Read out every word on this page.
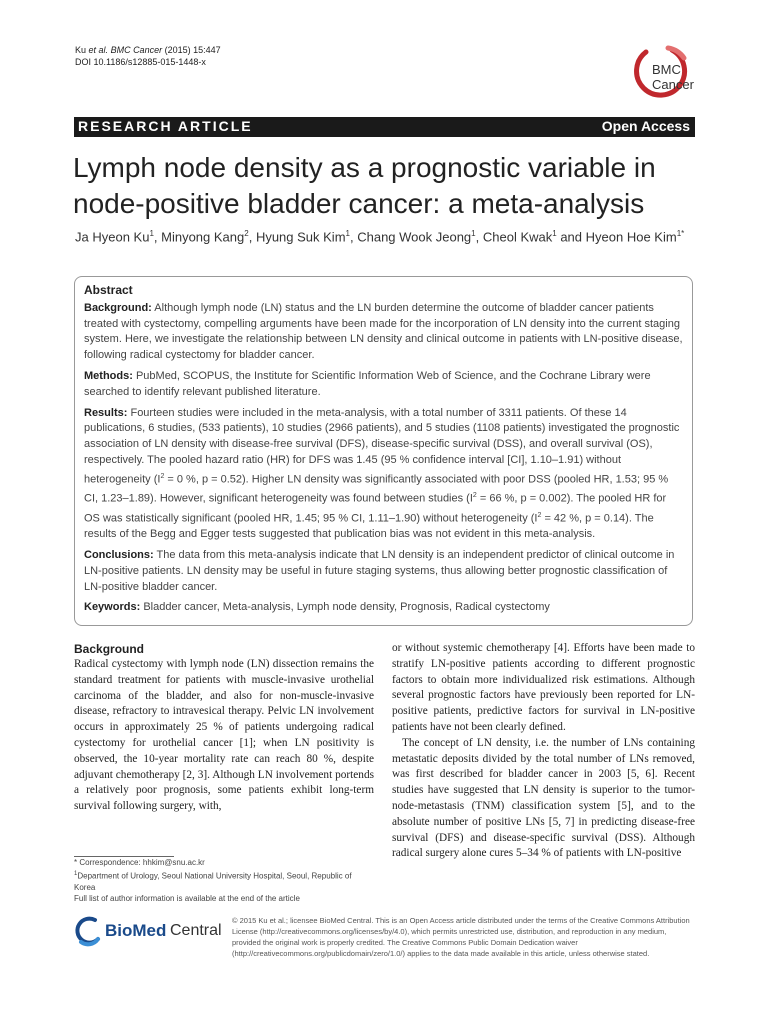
Ku et al. BMC Cancer (2015) 15:447
DOI 10.1186/s12885-015-1448-x	BMC
Cancer
RESEARCH ARTICLE	Open Access
Lymph node density as a prognostic variable in node-positive bladder cancer: a meta-analysis
Ja Hyeon Ku$^1$, Minyong Kang$^2$, Hyung Suk Kim$^1$, Chang Wook Jeong$^1$, Cheol Kwak$^1$ and Hyeon Hoe Kim$^{1*}$
Abstract

Background: Although lymph node (LN) status and the LN burden determine the outcome of bladder cancer patients treated with cystectomy, compelling arguments have been made for the incorporation of LN density into the current staging system. Here, we investigate the relationship between LN density and clinical outcome in patients with LN-positive disease, following radical cystectomy for bladder cancer.

Methods: PubMed, SCOPUS, the Institute for Scientific Information Web of Science, and the Cochrane Library were searched to identify relevant published literature.

Results: Fourteen studies were included in the meta-analysis, with a total number of 3311 patients. Of these 14 publications, 6 studies, (533 patients), 10 studies (2966 patients), and 5 studies (1108 patients) investigated the prognostic association of LN density with disease-free survival (DFS), disease-specific survival (DSS), and overall survival (OS), respectively. The pooled hazard ratio (HR) for DFS was 1.45 (95 % confidence interval [CI], 1.10–1.91) without heterogeneity ($I^2 = 0$ %, p = 0.52). Higher LN density was significantly associated with poor DSS (pooled HR, 1.53; 95 % CI, 1.23–1.89). However, significant heterogeneity was found between studies ($I^2 = 66$ %, p = 0.002). The pooled HR for OS was statistically significant (pooled HR, 1.45; 95 % CI, 1.11–1.90) without heterogeneity ($I^2 = 42$ %, p = 0.14). The results of the Begg and Egger tests suggested that publication bias was not evident in this meta-analysis.

Conclusions: The data from this meta-analysis indicate that LN density is an independent predictor of clinical outcome in LN-positive patients. LN density may be useful in future staging systems, thus allowing better prognostic classification of LN-positive bladder cancer.

Keywords: Bladder cancer, Meta-analysis, Lymph node density, Prognosis, Radical cystectomy

Background

Radical cystectomy with lymph node (LN) dissection remains the standard treatment for patients with muscle-invasive urothelial carcinoma of the bladder, and also for non-muscle-invasive disease, refractory to intravesical therapy. Pelvic LN involvement occurs in approximately 25 % of patients undergoing radical cystectomy for urothelial cancer [1]; when LN positivity is observed, the 10-year mortality rate can reach 80 %, despite adjuvant chemotherapy [2, 3]. Although LN involvement portends a relatively poor prognosis, some patients exhibit long-term survival following surgery, with,

or without systemic chemotherapy [4]. Efforts have been made to stratify LN-positive patients according to different prognostic factors to obtain more individualized risk estimations. Although several prognostic factors have previously been reported for LN-positive patients, predictive factors for survival in LN-positive patients have not been clearly defined.

The concept of LN density, i.e. the number of LNs containing metastatic deposits divided by the total number of LNs removed, was first described for bladder cancer in 2003 [5, 6]. Recent studies have suggested that LN density is superior to the tumor-node-metastasis (TNM) classification system [5], and to the absolute number of positive LNs [5, 7] in predicting disease-free survival (DFS) and disease-specific survival (DSS). Although radical surgery alone cures 5–34 % of patients with LN-positive

* Correspondence: hhkim@snu.ac.kr
$^1$Department of Urology, Seoul National University Hospital, Seoul, Republic of Korea
Full list of author information is available at the end of the article
BioMed Central
© 2015 Ku et al.; licensee BioMed Central. This is an Open Access article distributed under the terms of the Creative Commons Attribution License (http://creativecommons.org/licenses/by/4.0), which permits unrestricted use, distribution, and reproduction in any medium, provided the original work is properly credited. The Creative Commons Public Domain Dedication waiver (http://creativecommons.org/publicdomain/zero/1.0/) applies to the data made available in this article, unless otherwise stated.
